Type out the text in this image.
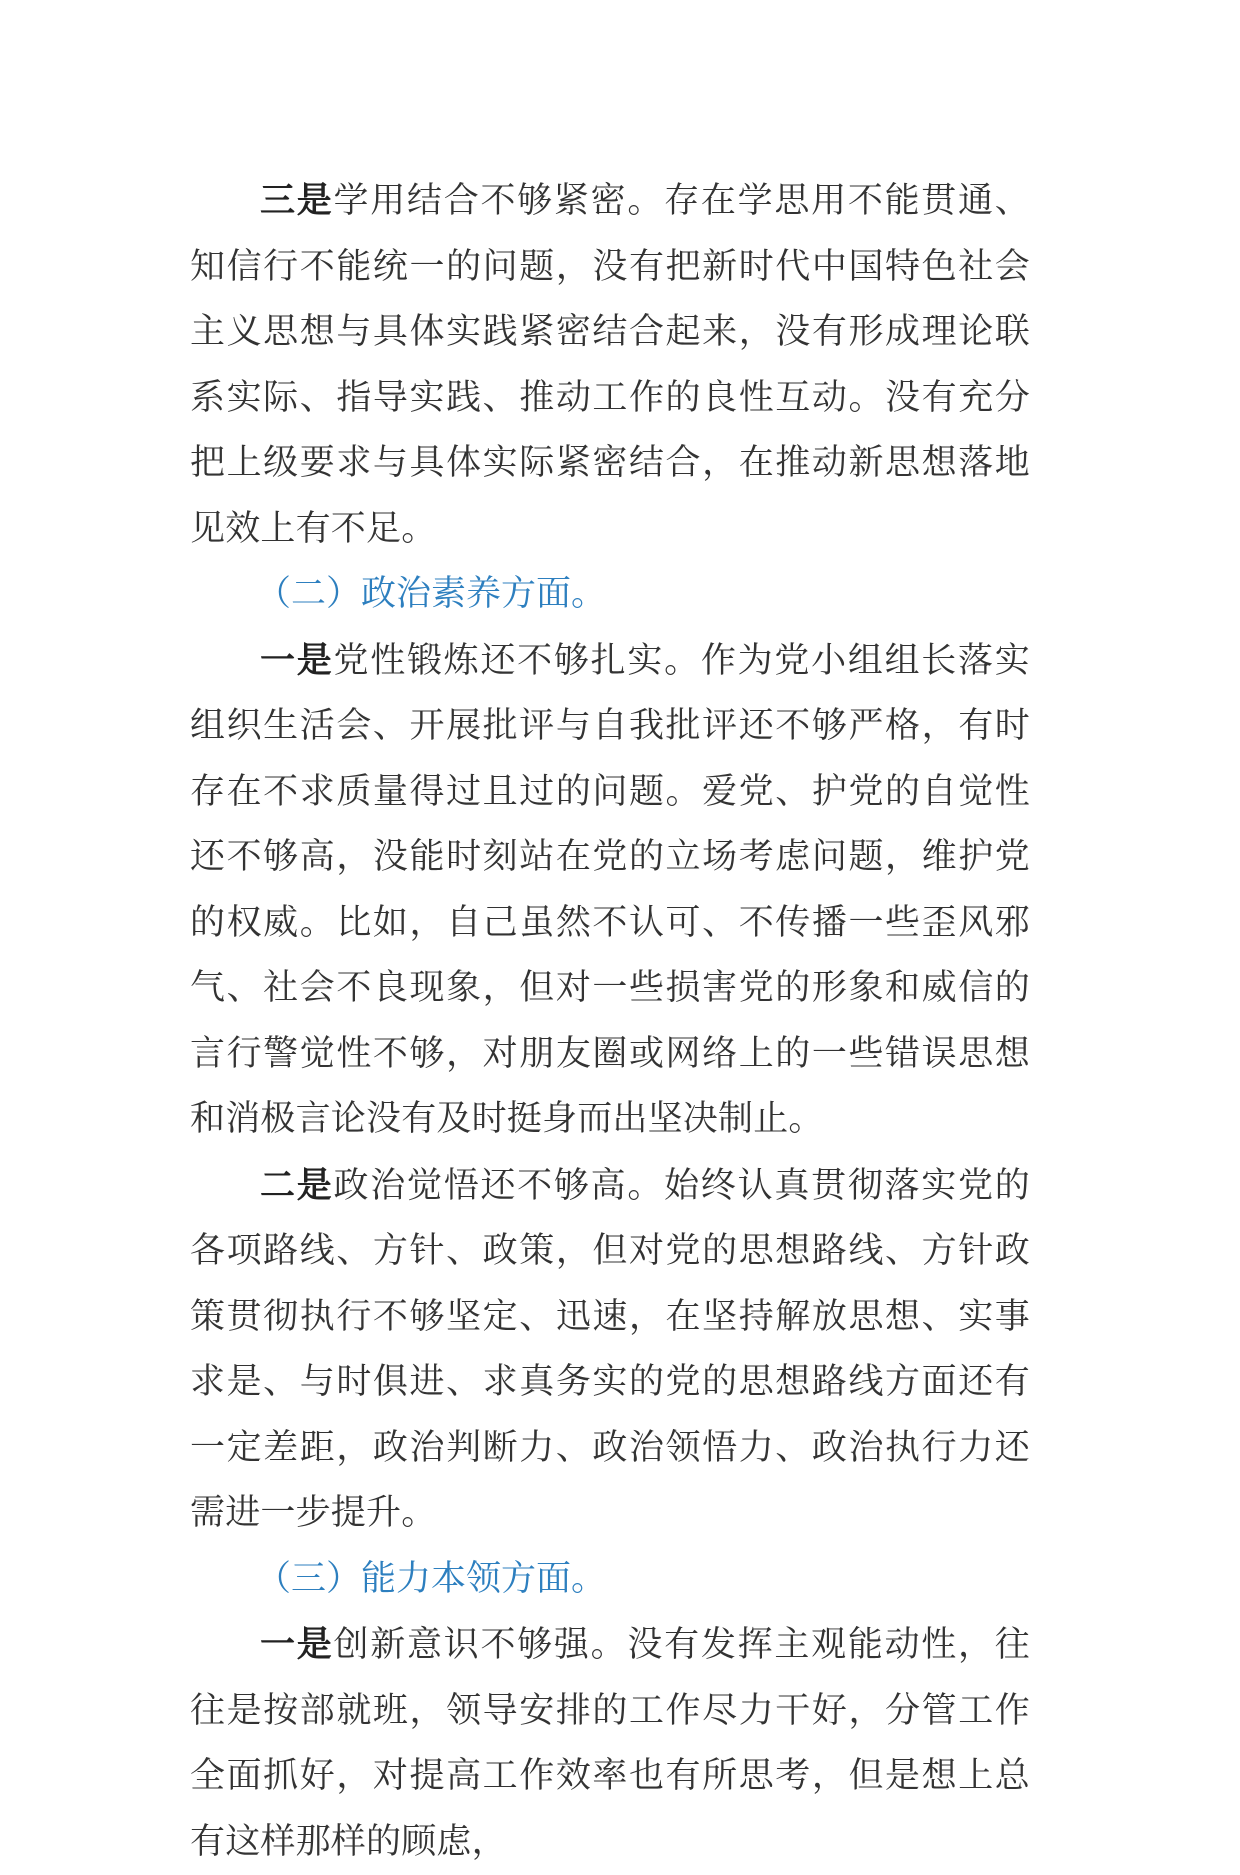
三是学用结合不够紧密。存在学思用不能贯通、知信行不能统一的问题，没有把新时代中国特色社会主义思想与具体实践紧密结合起来，没有形成理论联系实际、指导实践、推动工作的良性互动。没有充分把上级要求与具体实际紧密结合，在推动新思想落地见效上有不足。

（二）政治素养方面。

一是党性锻炼还不够扎实。作为党小组组长落实组织生活会、开展批评与自我批评还不够严格，有时存在不求质量得过且过的问题。爱党、护党的自觉性还不够高，没能时刻站在党的立场考虑问题，维护党的权威。比如，自己虽然不认可、不传播一些歪风邪气、社会不良现象，但对一些损害党的形象和威信的言行警觉性不够，对朋友圈或网络上的一些错误思想和消极言论没有及时挺身而出坚决制止。

二是政治觉悟还不够高。始终认真贯彻落实党的各项路线、方针、政策，但对党的思想路线、方针政策贯彻执行不够坚定、迅速，在坚持解放思想、实事求是、与时俱进、求真务实的党的思想路线方面还有一定差距，政治判断力、政治领悟力、政治执行力还需进一步提升。

（三）能力本领方面。

一是创新意识不够强。没有发挥主观能动性，往往是按部就班，领导安排的工作尽力干好，分管工作全面抓好，对提高工作效率也有所思考，但是想上总有这样那样的顾虑，
